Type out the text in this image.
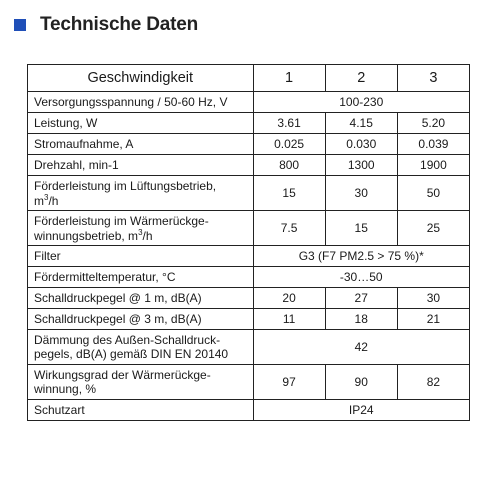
Technische Daten
Geschwindigkeit	1	2	3
Versorgungsspannung / 50-60 Hz, V	100-230		
Leistung, W	3.61	4.15	5.20
Stromaufnahme, A	0.025	0.030	0.039
Drehzahl, min-1	800	1300	1900
Förderleistung im Lüftungsbetrieb,
$m^3/h$	15	30	50
Förderleistung im Wärmerückge-
winnungsbetrieb, $m^3/h$	7.5	15	25
Filter	G3 (F7 PM2.5 > 75 %)*		
Fördermitteltemperatur, °C	-30…50		
Schalldruckpegel @ 1 m, dB(A)	20	27	30
Schalldruckpegel @ 3 m, dB(A)	11	18	21
Dämmung des Außen-Schalldruck-
pegels, dB(A) gemäß DIN EN 20140	42		
Wirkungsgrad der Wärmerückge-
winnung, %	97	90	82
Schutzart	IP24		
